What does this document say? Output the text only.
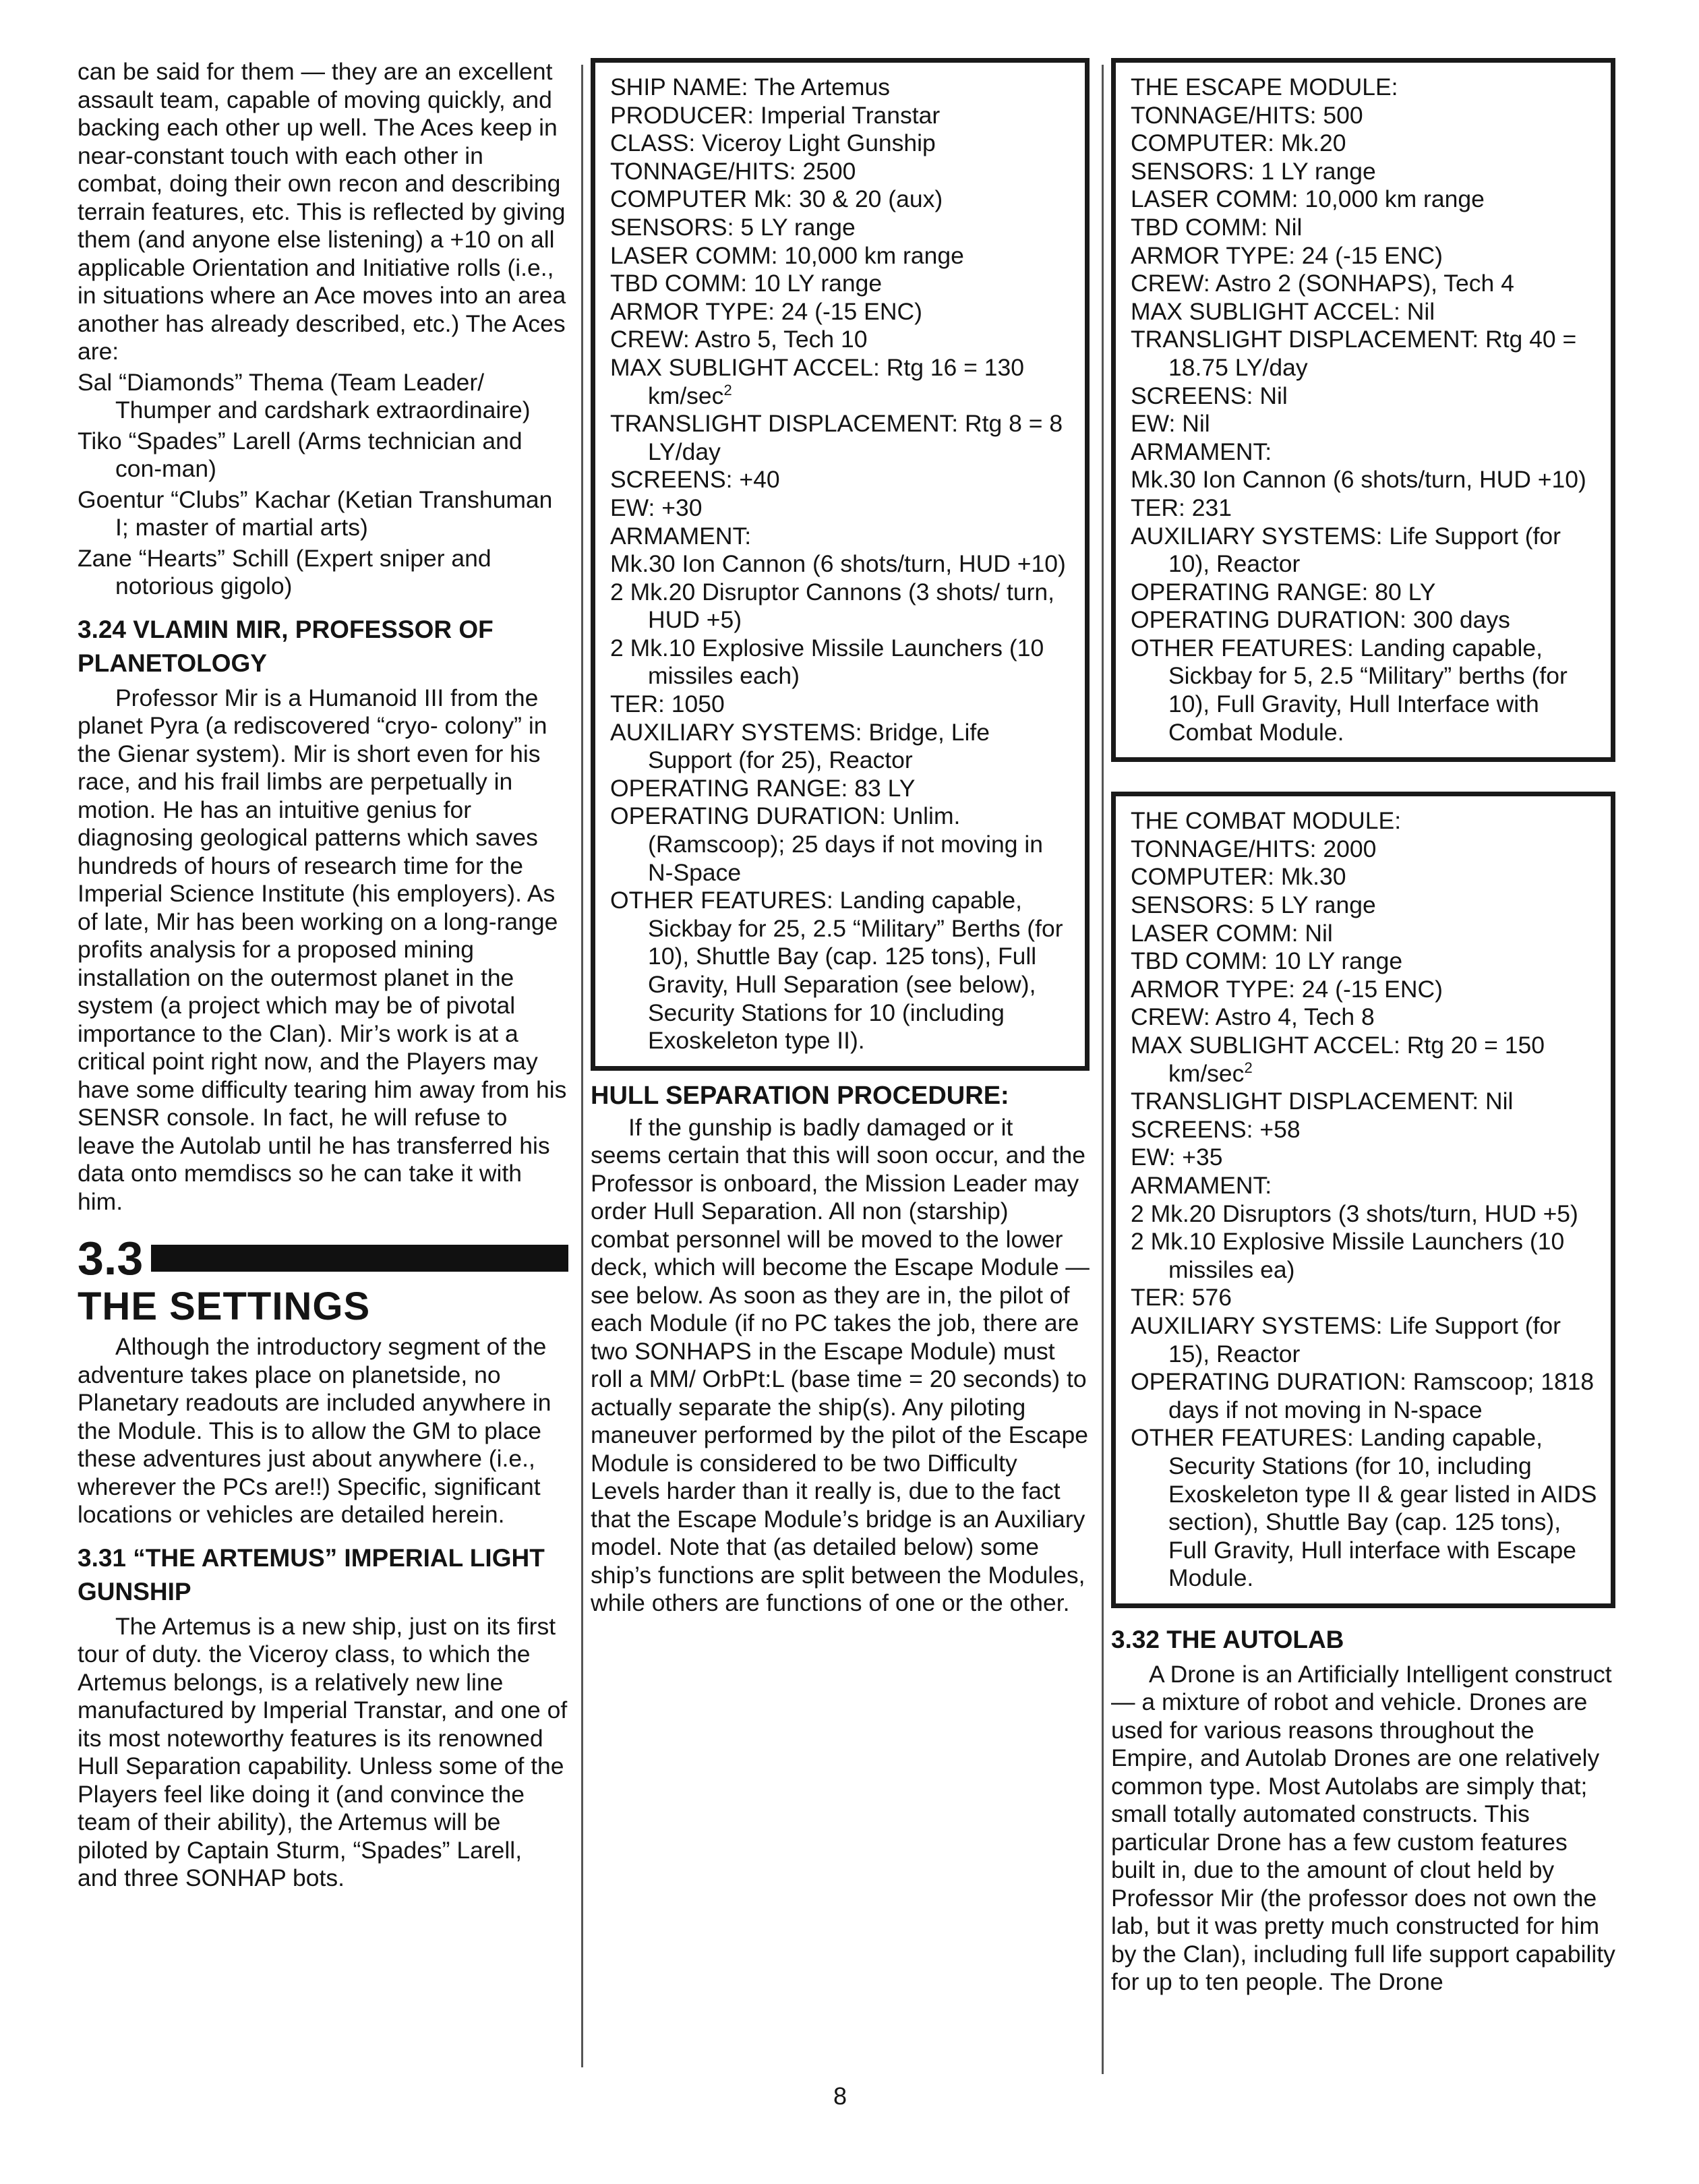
can be said for them — they are an excellent assault team, capable of moving quickly, and backing each other up well. The Aces keep in near-constant touch with each other in combat, doing their own recon and describing terrain features, etc. This is reflected by giving them (and anyone else listening) a +10 on all applicable Orientation and Initiative rolls (i.e., in situations where an Ace moves into an area another has already described, etc.) The Aces are:

Sal “Diamonds” Thema (Team Leader/ Thumper and cardshark extraordinaire)

Tiko “Spades” Larell (Arms technician and con-man)

Goentur “Clubs” Kachar (Ketian Transhuman I; master of martial arts)

Zane “Hearts” Schill (Expert sniper and notorious gigolo)

3.24 VLAMIN MIR, PROFESSOR OF PLANETOLOGY

Professor Mir is a Humanoid III from the planet Pyra (a rediscovered “cryo- colony” in the Gienar system). Mir is short even for his race, and his frail limbs are perpetually in motion. He has an intuitive genius for diagnosing geological patterns which saves hundreds of hours of research time for the Imperial Science Institute (his employers). As of late, Mir has been working on a long-range profits analysis for a proposed mining installation on the outermost planet in the system (a project which may be of pivotal importance to the Clan). Mir’s work is at a critical point right now, and the Players may have some difficulty tearing him away from his SENSR console. In fact, he will refuse to leave the Autolab until he has transferred his data onto memdiscs so he can take it with him.

3.3
THE SETTINGS

Although the introductory segment of the adventure takes place on planetside, no Planetary readouts are included anywhere in the Module. This is to allow the GM to place these adventures just about anywhere (i.e., wherever the PCs are!!) Specific, significant locations or vehicles are detailed herein.

3.31 “THE ARTEMUS” IMPERIAL LIGHT GUNSHIP

The Artemus is a new ship, just on its first tour of duty. the Viceroy class, to which the Artemus belongs, is a relatively new line manufactured by Imperial Transtar, and one of its most noteworthy features is its renowned Hull Separation capability. Unless some of the Players feel like doing it (and convince the team of their ability), the Artemus will be piloted by Captain Sturm, “Spades” Larell, and three SONHAP bots.

SHIP NAME: The Artemus
PRODUCER: Imperial Transtar
CLASS: Viceroy Light Gunship
TONNAGE/HITS: 2500
COMPUTER Mk: 30 & 20 (aux)
SENSORS: 5 LY range
LASER COMM: 10,000 km range
TBD COMM: 10 LY range
ARMOR TYPE: 24 (-15 ENC)
CREW: Astro 5, Tech 10
MAX SUBLIGHT ACCEL: Rtg 16 = 130 $km/\sec^2$
TRANSLIGHT DISPLACEMENT: Rtg 8 = 8 LY/day
SCREENS: +40
EW: +30
ARMAMENT:
Mk.30 Ion Cannon (6 shots/turn, HUD +10)
2 Mk.20 Disruptor Cannons (3 shots/ turn, HUD +5)
2 Mk.10 Explosive Missile Launchers (10 missiles each)
TER: 1050
AUXILIARY SYSTEMS: Bridge, Life Support (for 25), Reactor
OPERATING RANGE: 83 LY
OPERATING DURATION: Unlim. (Ramscoop); 25 days if not moving in N-Space
OTHER FEATURES: Landing capable, Sickbay for 25, 2.5 “Military” Berths (for 10), Shuttle Bay (cap. 125 tons), Full Gravity, Hull Separation (see below), Security Stations for 10 (including Exoskeleton type II).
HULL SEPARATION PROCEDURE:

If the gunship is badly damaged or it seems certain that this will soon occur, and the Professor is onboard, the Mission Leader may order Hull Separation. All non (starship) combat personnel will be moved to the lower deck, which will become the Escape Module — see below. As soon as they are in, the pilot of each Module (if no PC takes the job, there are two SONHAPS in the Escape Module) must roll a MM/ OrbPt:L (base time = 20 seconds) to actually separate the ship(s). Any piloting maneuver performed by the pilot of the Escape Module is considered to be two Difficulty Levels harder than it really is, due to the fact that the Escape Module’s bridge is an Auxiliary model. Note that (as detailed below) some ship’s functions are split between the Modules, while others are functions of one or the other.

THE ESCAPE MODULE:
TONNAGE/HITS: 500
COMPUTER: Mk.20
SENSORS: 1 LY range
LASER COMM: 10,000 km range
TBD COMM: Nil
ARMOR TYPE: 24 (-15 ENC)
CREW: Astro 2 (SONHAPS), Tech 4
MAX SUBLIGHT ACCEL: Nil
TRANSLIGHT DISPLACEMENT: Rtg 40 = 18.75 LY/day
SCREENS: Nil
EW: Nil
ARMAMENT:
Mk.30 Ion Cannon (6 shots/turn, HUD +10)
TER: 231
AUXILIARY SYSTEMS: Life Support (for 10), Reactor
OPERATING RANGE: 80 LY
OPERATING DURATION: 300 days
OTHER FEATURES: Landing capable, Sickbay for 5, 2.5 “Military” berths (for 10), Full Gravity, Hull Interface with Combat Module.
THE COMBAT MODULE:
TONNAGE/HITS: 2000
COMPUTER: Mk.30
SENSORS: 5 LY range
LASER COMM: Nil
TBD COMM: 10 LY range
ARMOR TYPE: 24 (-15 ENC)
CREW: Astro 4, Tech 8
MAX SUBLIGHT ACCEL: Rtg 20 = 150 $km/\sec^2$
TRANSLIGHT DISPLACEMENT: Nil
SCREENS: +58
EW: +35
ARMAMENT:
2 Mk.20 Disruptors (3 shots/turn, HUD +5)
2 Mk.10 Explosive Missile Launchers (10 missiles ea)
TER: 576
AUXILIARY SYSTEMS: Life Support (for 15), Reactor
OPERATING DURATION: Ramscoop; 1818 days if not moving in N-space
OTHER FEATURES: Landing capable, Security Stations (for 10, including Exoskeleton type II & gear listed in AIDS section), Shuttle Bay (cap. 125 tons), Full Gravity, Hull interface with Escape Module.
3.32 THE AUTOLAB

A Drone is an Artificially Intelligent construct — a mixture of robot and vehicle. Drones are used for various reasons throughout the Empire, and Autolab Drones are one relatively common type. Most Autolabs are simply that; small totally automated constructs. This particular Drone has a few custom features built in, due to the amount of clout held by Professor Mir (the professor does not own the lab, but it was pretty much constructed for him by the Clan), including full life support capability for up to ten people. The Drone

8
